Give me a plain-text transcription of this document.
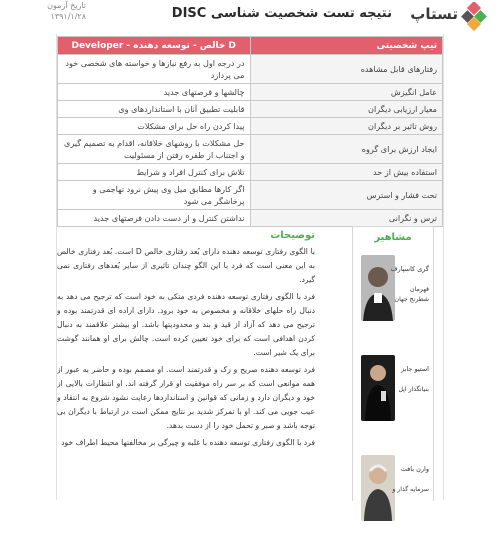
تستاپ
نتیجه تست شخصیت شناسی DISC
تاریخ آزمون
۱۳۹۱/۱/۲۸
تیپ شخصیتی	D خالص - توسعه دهنده - Developer
رفتارهای قابل مشاهده	در درجه اول به رفع نیازها و خواسته های شخصی خود می پردازد
عامل انگیزش	چالشها و فرصتهای جدید
معیار ارزیابی دیگران	قابلیت تطبیق آنان با استانداردهای وی
روش تاثیر بر دیگران	پیدا کردن راه حل برای مشکلات
ایجاد ارزش برای گروه	حل مشکلات با روشهای خلاقانه، اقدام به تصمیم گیری و اجتناب از طفره رفتن از مسئولیت
استفاده بیش از حد	تلاش برای کنترل افراد و شرایط
تحت فشار و استرس	اگر کارها مطابق میل وی پیش نرود تهاجمی و پرخاشگر می شود
ترس و نگرانی	نداشتن کنترل و از دست دادن فرصتهای جدید
مشاهیر
گری کاسپارف
قهرمان شطرنج جهان
استیو جابز
بنیانگذار اپل
وارن بافت
سرمایه گذار و
توضیحات

با الگوی رفتاری توسعه دهنده دارای بُعد رفتاری خالص D است. بُعد رفتاری خالص به این معنی است که فرد با این الگو چندان تاثیری از سایر بُعدهای رفتاری نمی گیرد.

فرد با الگوی رفتاری توسعه دهنده فردی متکی به خود است که ترجیح می دهد به دنبال راه حلهای خلاقانه و مخصوص به خود برود. دارای اراده ای قدرتمند بوده و ترجیح می دهد که آزاد از قید و بند و محدودیتها باشد. او بیشتر علاقمند به دنبال کردن اهدافی است که برای خود تعیین کرده است. چالش برای او همانند گوشت برای یک شیر است.

فرد توسعه دهنده صریح و رک و قدرتمند است. او مصمم بوده و حاضر به عبور از همه موانعی است که بر سر راه موفقیت او قرار گرفته اند. او انتظارات بالایی از خود و دیگران دارد و زمانی که قوانین و استانداردها رعایت نشود شروع به انتقاد و عیب جویی می کند. او با تمرکز شدید بر نتایج ممکن است در ارتباط با دیگران بی توجه باشد و صبر و تحمل خود را از دست بدهد.

فرد با الگوی رفتاری توسعه دهنده با غلبه و چیرگی بر مخالفتها محیط اطراف خود
